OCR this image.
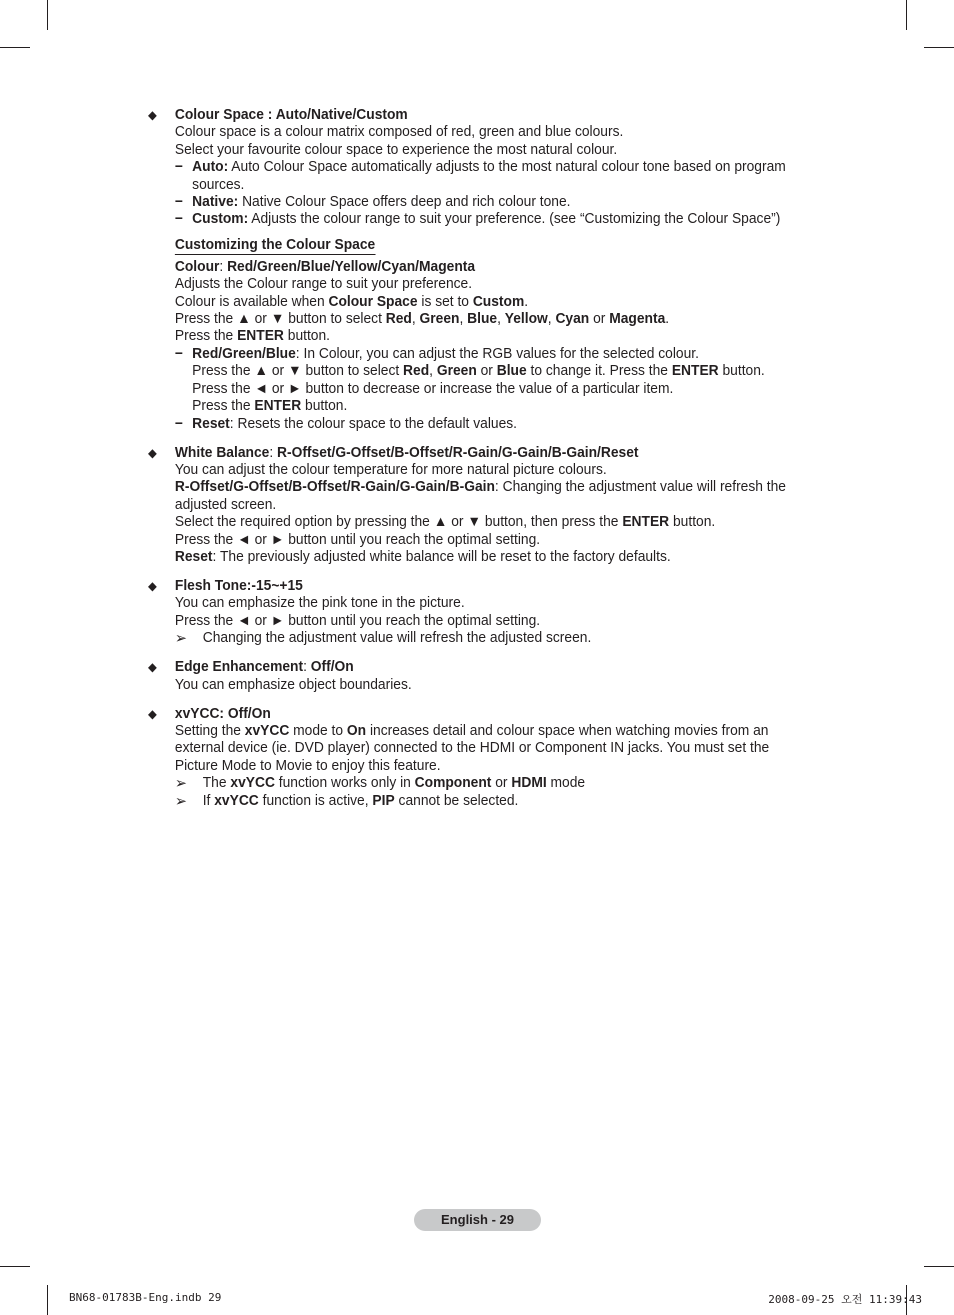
◆ Colour Space : Auto/Native/Custom

Colour space is a colour matrix composed of red, green and blue colours.

Select your favourite colour space to experience the most natural colour.

− Auto: Auto Colour Space automatically adjusts to the most natural colour tone based on program sources.
− Native: Native Colour Space offers deep and rich colour tone.
− Custom: Adjusts the colour range to suit your preference. (see “Customizing the Colour Space”)
Customizing the Colour Space

Colour: Red/Green/Blue/Yellow/Cyan/Magenta

Adjusts the Colour range to suit your preference.

Colour is available when Colour Space is set to Custom.

Press the ▲ or ▼ button to select Red, Green, Blue, Yellow, Cyan or Magenta.

Press the ENTER button.

− Red/Green/Blue: In Colour, you can adjust the RGB values for the selected colour.
Press the ▲ or ▼ button to select Red, Green or Blue to change it. Press the ENTER button.
Press the ◄ or ► button to decrease or increase the value of a particular item.
Press the ENTER button.
− Reset: Resets the colour space to the default values.
◆ White Balance: R-Offset/G-Offset/B-Offset/R-Gain/G-Gain/B-Gain/Reset

You can adjust the colour temperature for more natural picture colours.

R-Offset/G-Offset/B-Offset/R-Gain/G-Gain/B-Gain: Changing the adjustment value will refresh the adjusted screen.

Select the required option by pressing the ▲ or ▼ button, then press the ENTER button.

Press the ◄ or ► button until you reach the optimal setting.

Reset: The previously adjusted white balance will be reset to the factory defaults.

◆ Flesh Tone:-15~+15

You can emphasize the pink tone in the picture.

Press the ◄ or ► button until you reach the optimal setting.

➢ Changing the adjustment value will refresh the adjusted screen.
◆ Edge Enhancement: Off/On

You can emphasize object boundaries.

◆ xvYCC: Off/On

Setting the xvYCC mode to On increases detail and colour space when watching movies from an external device (ie. DVD player) connected to the HDMI or Component IN jacks. You must set the Picture Mode to Movie to enjoy this feature.

➢ The xvYCC function works only in Component or HDMI mode
➢ If xvYCC function is active, PIP cannot be selected.
English - 29
BN68-01783B-Eng.indb 29	2008-09-25 오전 11:39:43
